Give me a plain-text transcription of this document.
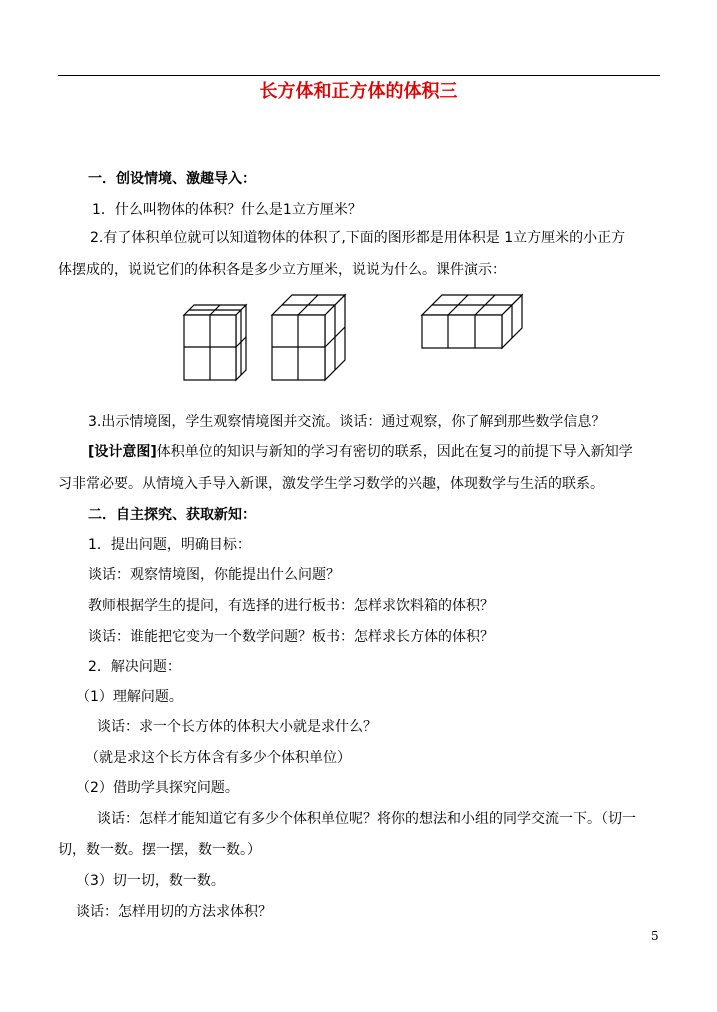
长方体和正方体的体积三
一．创设情境、激趣导入：
1．什么叫物体的体积？什么是1立方厘米？
2.有了体积单位就可以知道物体的体积了,下面的图形都是用体积是 1立方厘米的小正方
体摆成的，说说它们的体积各是多少立方厘米，说说为什么。课件演示：
3.出示情境图，学生观察情境图并交流。谈话：通过观察，你了解到那些数学信息？
[设计意图]体积单位的知识与新知的学习有密切的联系，因此在复习的前提下导入新知学
习非常必要。从情境入手导入新课，激发学生学习数学的兴趣，体现数学与生活的联系。
二．自主探究、获取新知：
1．提出问题，明确目标：
谈话：观察情境图，你能提出什么问题？
教师根据学生的提问，有选择的进行板书：怎样求饮料箱的体积？
谈话：谁能把它变为一个数学问题？板书：怎样求长方体的体积？
2．解决问题：
（1）理解问题。
谈话：求一个长方体的体积大小就是求什么？
（就是求这个长方体含有多少个体积单位）
（2）借助学具探究问题。
谈话：怎样才能知道它有多少个体积单位呢？将你的想法和小组的同学交流一下。（切一
切，数一数。摆一摆，数一数。）
（3）切一切，数一数。
谈话：怎样用切的方法求体积？
5
